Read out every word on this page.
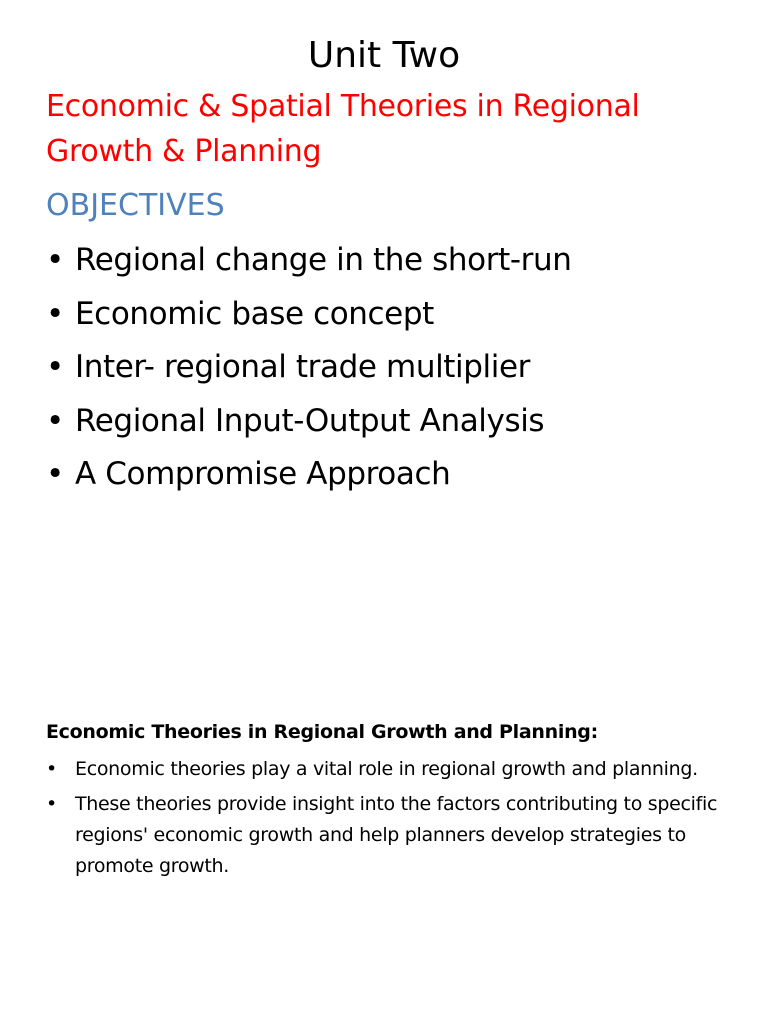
Unit Two
Economic & Spatial Theories in Regional Growth & Planning
OBJECTIVES
• Regional change in the short-run
• Economic base concept
• Inter- regional trade multiplier
• Regional Input-Output Analysis
• A Compromise Approach
Economic Theories in Regional Growth and Planning:
• Economic theories play a vital role in regional growth and planning.
• These theories provide insight into the factors contributing to specific regions' economic growth and help planners develop strategies to promote growth.
